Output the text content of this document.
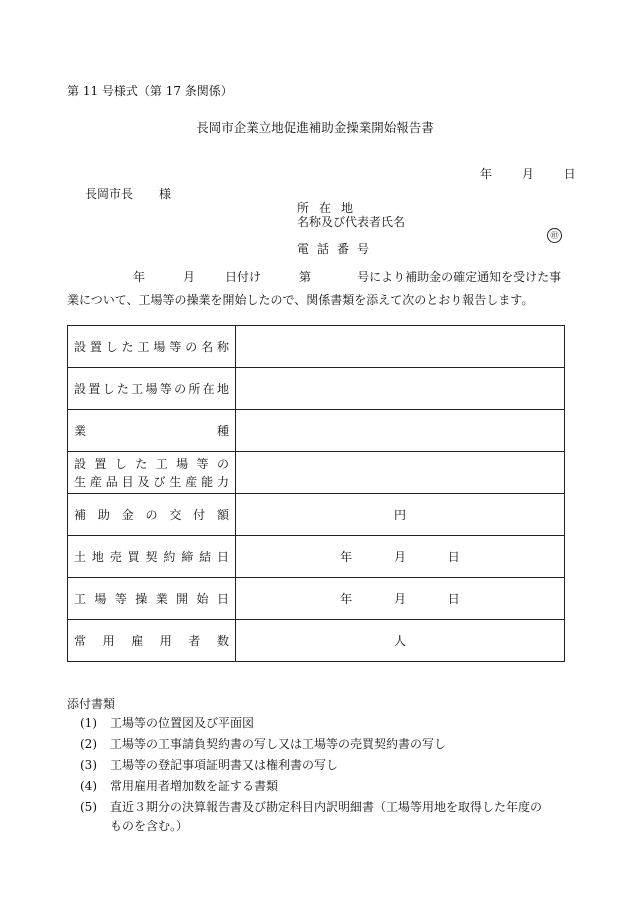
第 11 号様式（第 17 条関係）
長岡市企業立地促進補助金操業開始報告書
年 月 日
長岡市長 様
所在地
名称及び代表者氏名
㊞
電話番号
年	月	日付け	第	号により補助金の確定通知を受けた事業について、工場等の操業を開始したので、関係書類を添えて次のとおり報告します。
設置した工場等の名称	
設置した工場等の所在地	
業種	

設置した工場等の
生産品目及び生産能力	

補助金の交付額	円
土地売買契約締結日	年 月 日
工場等操業開始日	年 月 日
常用雇用者数	人
添付書類
(1) 工場等の位置図及び平面図
(2) 工場等の工事請負契約書の写し又は工場等の売買契約書の写し
(3) 工場等の登記事項証明書又は権利書の写し
(4) 常用雇用者増加数を証する書類
(5) 直近３期分の決算報告書及び勘定科目内訳明細書（工場等用地を取得した年度の
ものを含む。）
